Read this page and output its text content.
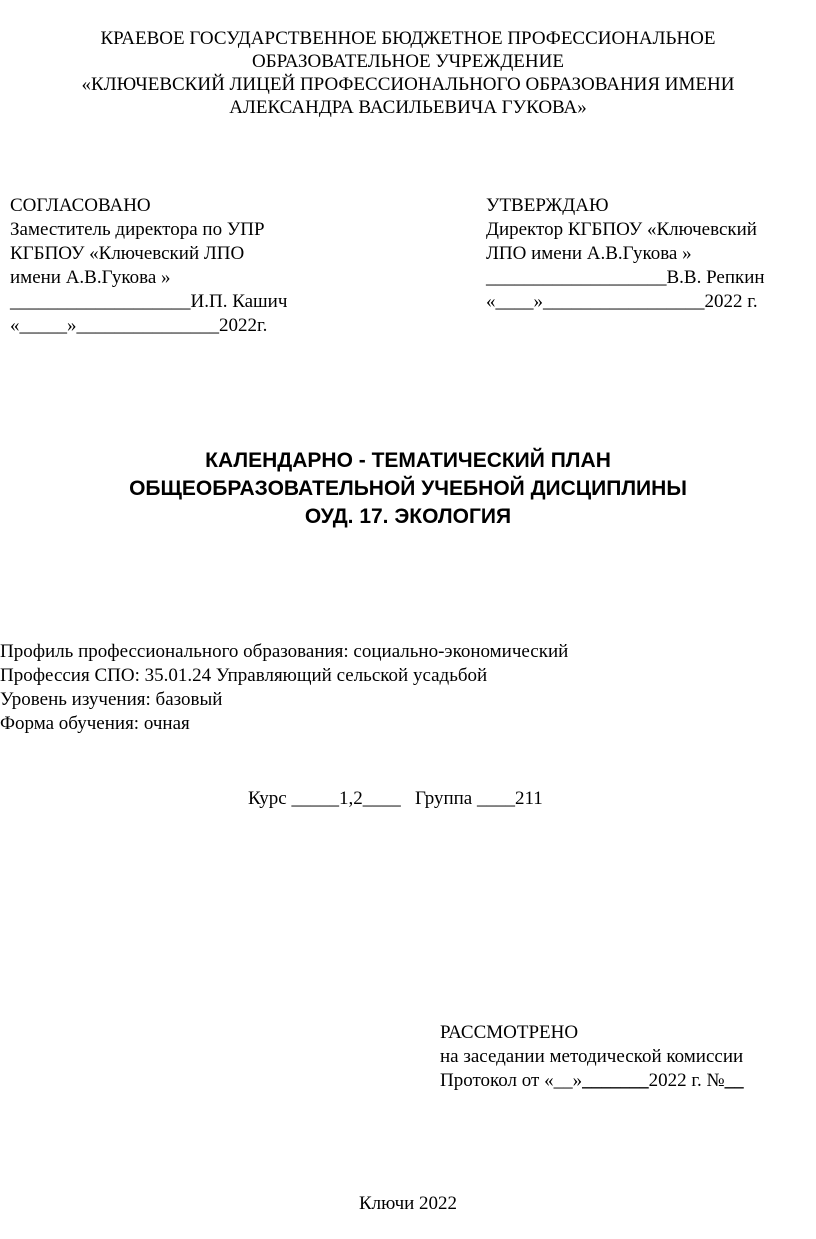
КРАЕВОЕ ГОСУДАРСТВЕННОЕ БЮДЖЕТНОЕ ПРОФЕССИОНАЛЬНОЕ
ОБРАЗОВАТЕЛЬНОЕ УЧРЕЖДЕНИЕ
«КЛЮЧЕВСКИЙ ЛИЦЕЙ ПРОФЕССИОНАЛЬНОГО ОБРАЗОВАНИЯ ИМЕНИ
АЛЕКСАНДРА ВАСИЛЬЕВИЧА ГУКОВА»
СОГЛАСОВАНО
Заместитель директора по УПР
КГБПОУ «Ключевский ЛПО
имени А.В.Гукова »
___________________И.П. Кашич
«_____»_______________2022г.
УТВЕРЖДАЮ
Директор КГБПОУ «Ключевский
ЛПО имени А.В.Гукова »
___________________В.В. Репкин
«____»_________________2022 г.
КАЛЕНДАРНО - ТЕМАТИЧЕСКИЙ ПЛАН
ОБЩЕОБРАЗОВАТЕЛЬНОЙ УЧЕБНОЙ ДИСЦИПЛИНЫ
ОУД. 17. ЭКОЛОГИЯ
Профиль профессионального образования: социально-экономический
Профессия СПО: 35.01.24 Управляющий сельской усадьбой
Уровень изучения: базовый
Форма обучения: очная
Курс _____1,2____ Группа ____211
РАССМОТРЕНО
на заседании методической комиссии
Протокол от «__»_______2022 г. №__
Ключи 2022
